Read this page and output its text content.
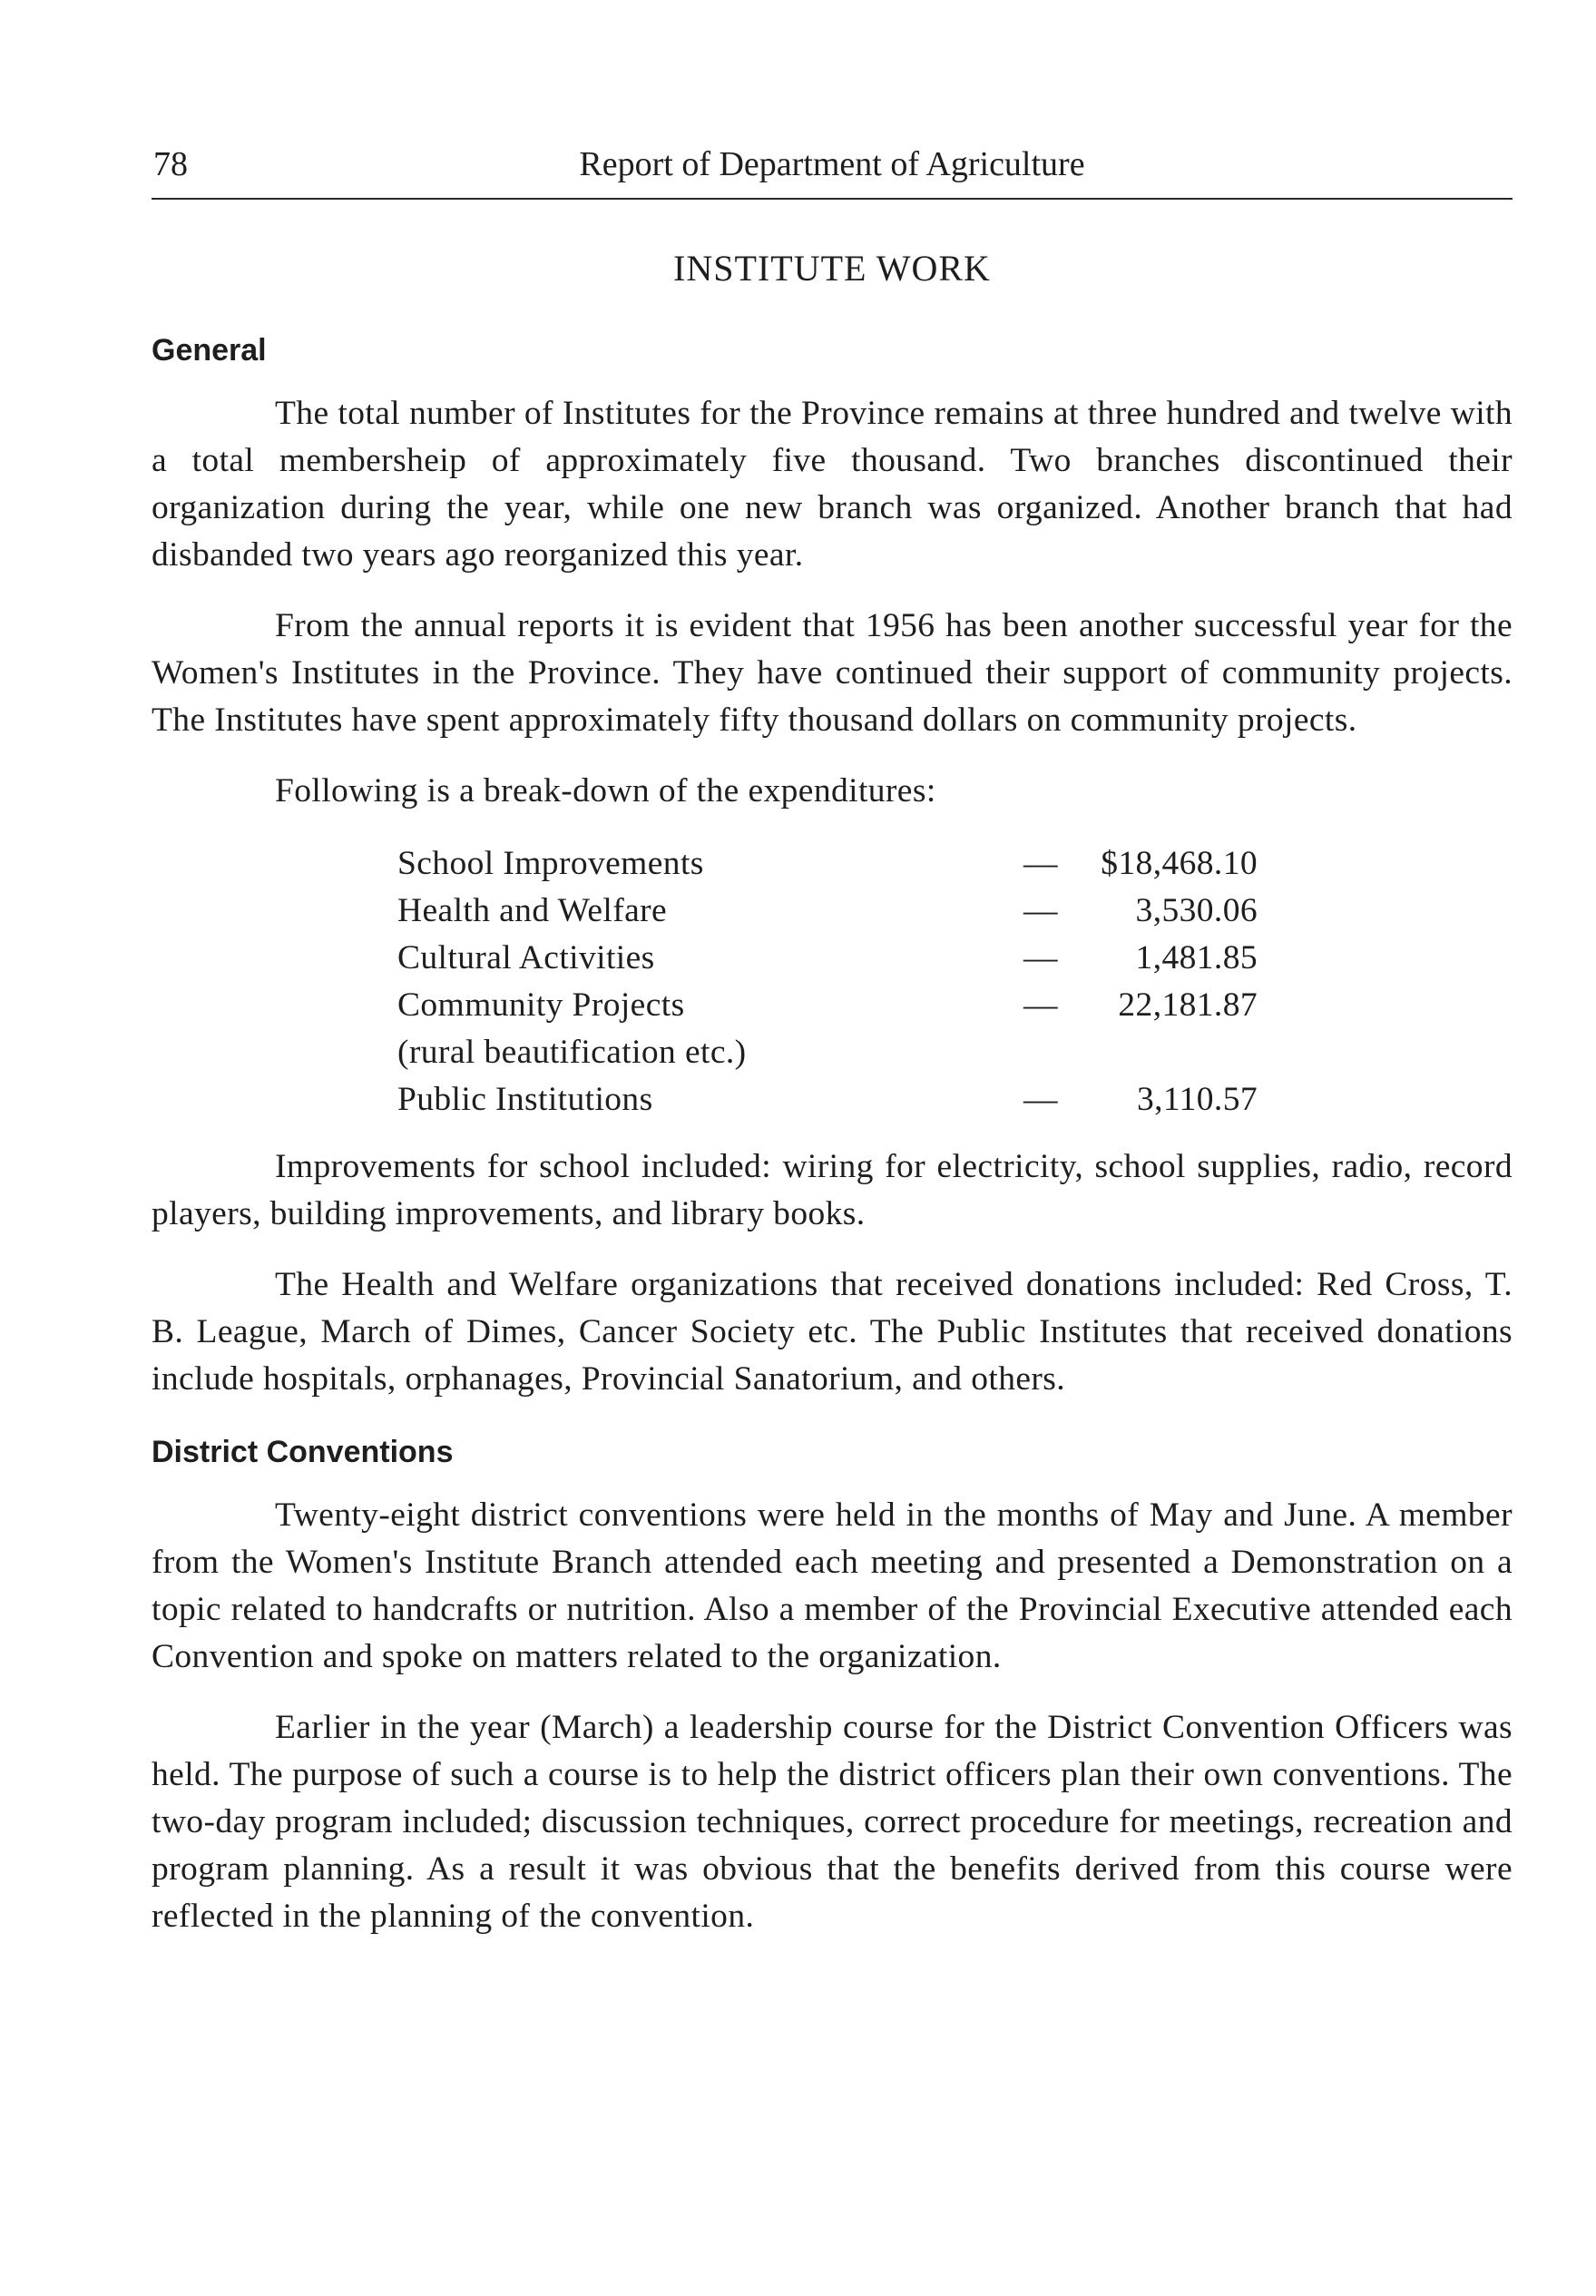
78	Report of Department of Agriculture
INSTITUTE WORK
General

The total number of Institutes for the Province remains at three hundred and twelve with a total membersheip of approximately five thousand. Two branches discontinued their organization during the year, while one new branch was organized. Another branch that had disbanded two years ago reorganized this year.

From the annual reports it is evident that 1956 has been another successful year for the Women's Institutes in the Province. They have continued their support of community projects. The Institutes have spent approximately fifty thousand dollars on community projects.

Following is a break-down of the expenditures:

School Improvements	—	$18,468.10
Health and Welfare	—	3,530.06
Cultural Activities	—	1,481.85
Community Projects	—	22,181.87
(rural beautification etc.)
Public Institutions	—	3,110.57

Improvements for school included: wiring for electricity, school supplies, radio, record players, building improvements, and library books.

The Health and Welfare organizations that received donations included: Red Cross, T. B. League, March of Dimes, Cancer Society etc. The Public Institutes that received donations include hospitals, orphanages, Provincial Sanatorium, and others.

District Conventions

Twenty-eight district conventions were held in the months of May and June. A member from the Women's Institute Branch attended each meeting and presented a Demonstration on a topic related to handcrafts or nutrition. Also a member of the Provincial Executive attended each Convention and spoke on matters related to the organization.

Earlier in the year (March) a leadership course for the District Convention Officers was held. The purpose of such a course is to help the district officers plan their own conventions. The two-day program included; discussion techniques, correct procedure for meetings, recreation and program planning. As a result it was obvious that the benefits derived from this course were reflected in the planning of the convention.
